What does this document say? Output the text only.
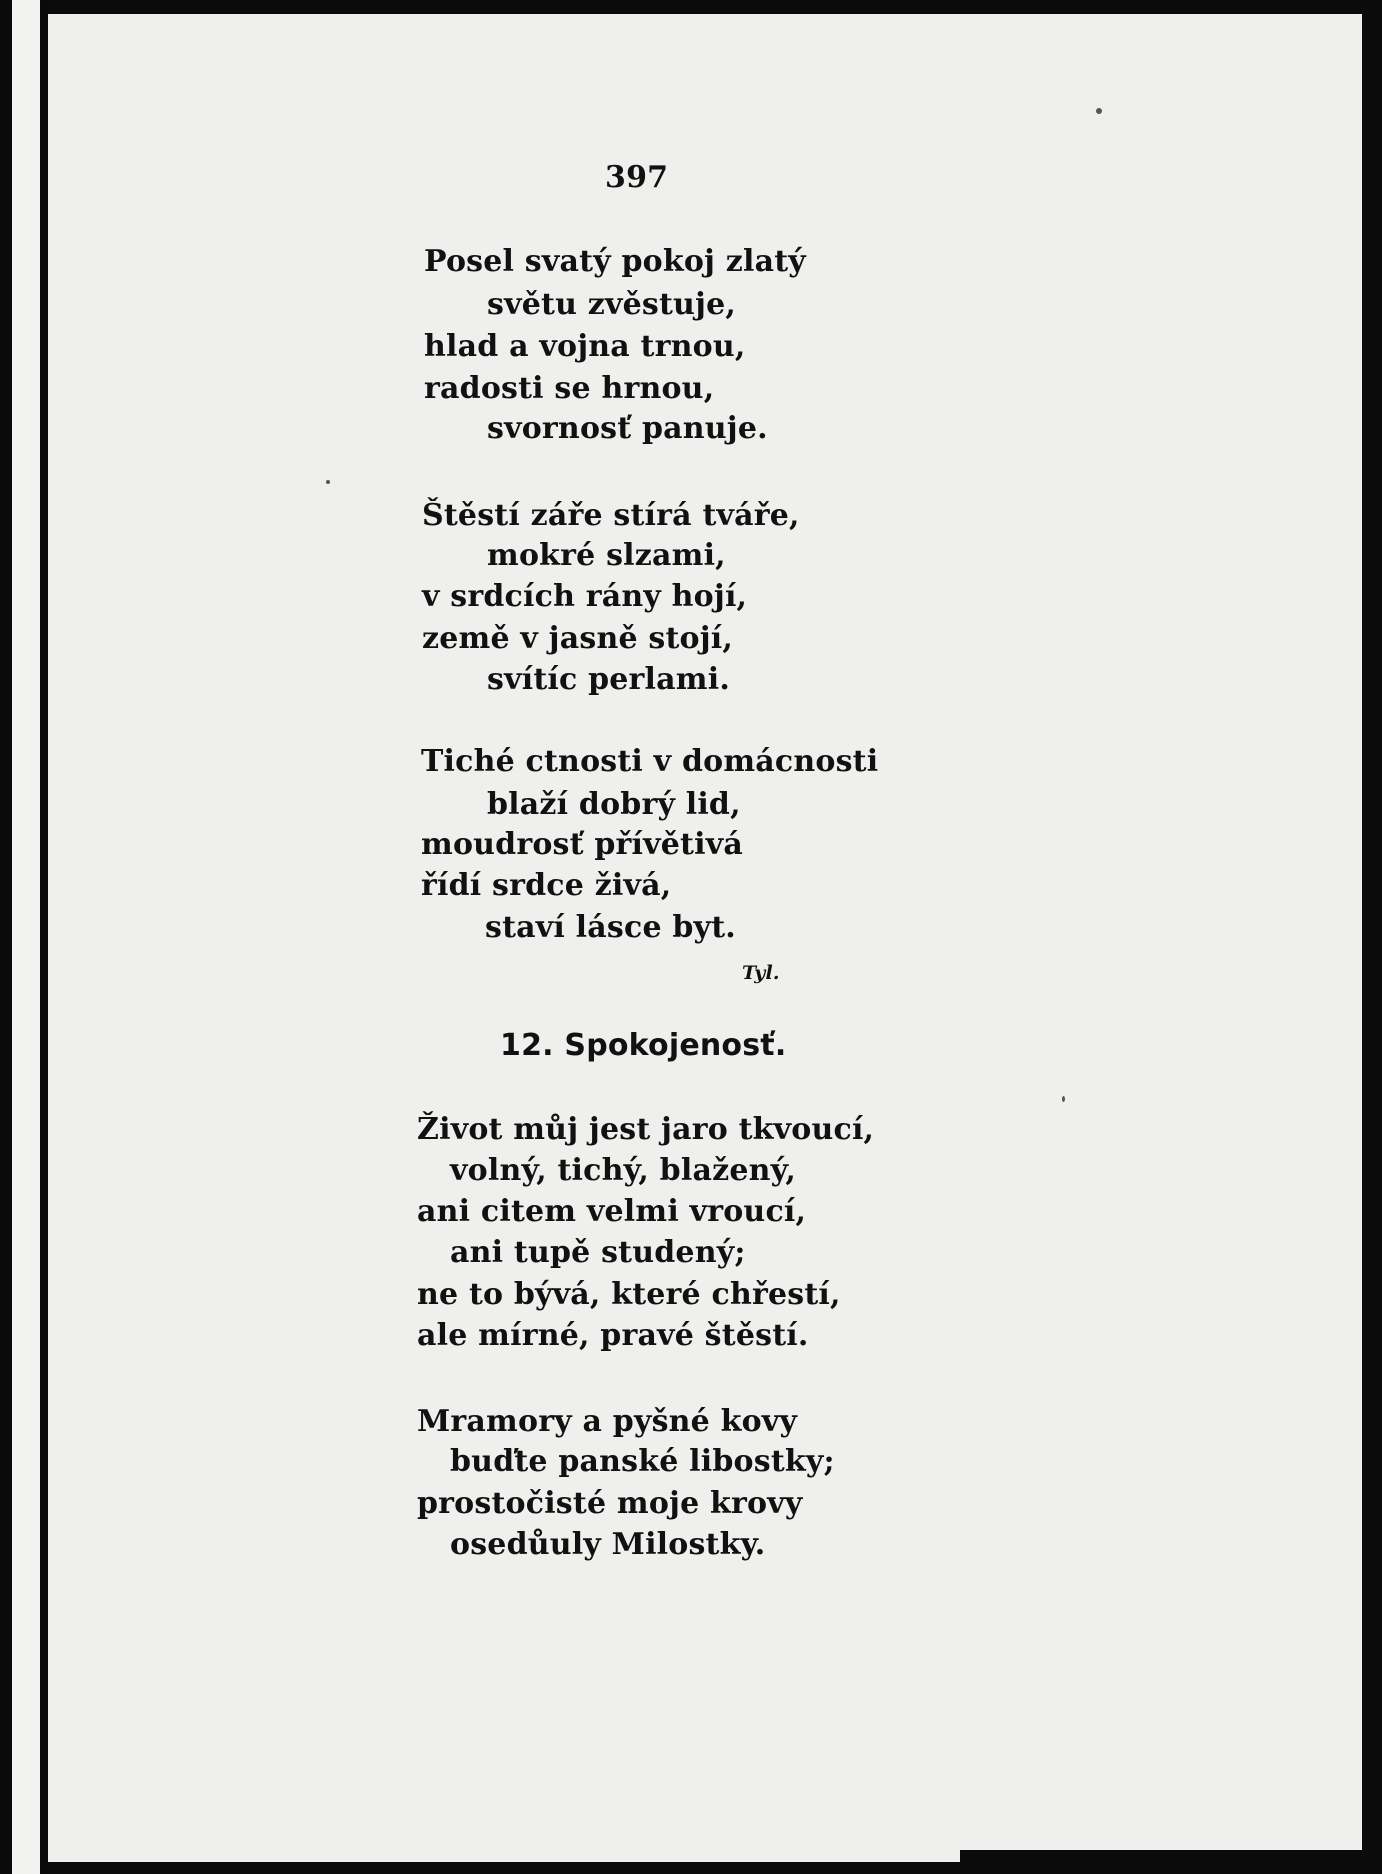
397

Posel svatý pokoj zlatý

světu zvěstuje,

hlad a vojna trnou,

radosti se hrnou,

svornosť panuje.

Štěstí záře stírá tváře,

mokré slzami,

v srdcích rány hojí,

země v jasně stojí,

svítíc perlami.

Tiché ctnosti v domácnosti

blaží dobrý lid,

moudrosť přívětivá

řídí srdce živá,

staví lásce byt.

Tyl.

12. Spokojenosť.

Život můj jest jaro tkvoucí,

volný, tichý, blažený,

ani citem velmi vroucí,

ani tupě studený;

ne to bývá, které chřestí,

ale mírné, pravé štěstí.

Mramory a pyšné kovy

buďte panské libostky;

prostočisté moje krovy

osedůuly Milostky.
